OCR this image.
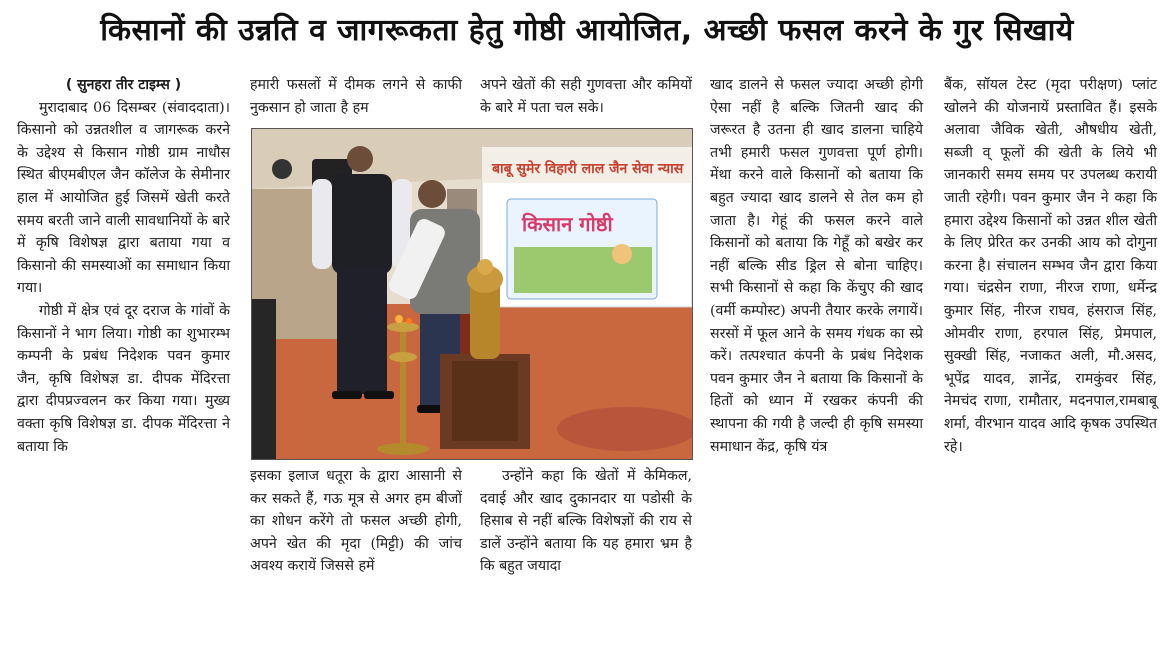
किसानों की उन्नति व जागरूकता हेतु गोष्ठी आयोजित, अच्छी फसल करने के गुर सिखाये

( सुनहरा तीर टाइम्स )

मुरादाबाद 06 दिसम्बर (संवाददाता)। किसानो को उन्नतशील व जागरूक करने के उद्देश्य से किसान गोष्ठी ग्राम नाधौस स्थित बीएमबीएल जैन कॉलेज के सेमीनार हाल में आयोजित हुई जिसमें खेती करते समय बरती जाने वाली सावधानियों के बारे में कृषि विशेषज्ञ द्वारा बताया गया व किसानो की समस्याओं का समाधान किया गया।

गोष्ठी में क्षेत्र एवं दूर दराज के गांवों के किसानों ने भाग लिया। गोष्ठी का शुभारम्भ कम्पनी के प्रबंध निदेशक पवन कुमार जैन, कृषि विशेषज्ञ डा. दीपक मेंदिरत्ता द्वारा दीपप्रज्वलन कर किया गया। मुख्य वक्ता कृषि विशेषज्ञ डा. दीपक मेंदिरत्ता ने बताया कि

हमारी फसलों में दीमक लगने से काफी नुकसान हो जाता है हम

अपने खेतों की सही गुणवत्ता और कमियों के बारे में पता चल सके।

बाबू सुमेर विहारी लाल जैन सेवा न्यास
किसान गोष्ठी

इसका इलाज धतूरा के द्वारा आसानी से कर सकते हैं, गऊ मूत्र से अगर हम बीजों का शोधन करेंगे तो फसल अच्छी होगी, अपने खेत की मृदा (मिट्टी) की जांच अवश्य करायें जिससे हमें

उन्होंने कहा कि खेतों में केमिकल, दवाई और खाद दुकानदार या पडोसी के हिसाब से नहीं बल्कि विशेषज्ञों की राय से डालें उन्होंने बताया कि यह हमारा भ्रम है कि बहुत जयादा

खाद डालने से फसल ज्यादा अच्छी होगी ऐसा नहीं है बल्कि जितनी खाद की जरूरत है उतना ही खाद डालना चाहिये तभी हमारी फसल गुणवत्ता पूर्ण होगी। मेंथा करने वाले किसानों को बताया कि बहुत ज्यादा खाद डालने से तेल कम हो जाता है। गेहूं की फसल करने वाले किसानों को बताया कि गेहूँ को बखेर कर नहीं बल्कि सीड ड्रिल से बोना चाहिए। सभी किसानों से कहा कि केंचुए की खाद (वर्मी कम्पोस्ट) अपनी तैयार करके लगायें। सरसों में फूल आने के समय गंधक का स्प्रे करें। तत्पश्चात कंपनी के प्रबंध निदेशक पवन कुमार जैन ने बताया कि किसानों के हितों को ध्यान में रखकर कंपनी की स्थापना की गयी है जल्दी ही कृषि समस्या समाधान केंद्र, कृषि यंत्र

बैंक, सॉयल टेस्ट (मृदा परीक्षण) प्लांट खोलने की योजनायें प्रस्तावित हैं। इसके अलावा जैविक खेती, औषधीय खेती, सब्जी व् फूलों की खेती के लिये भी जानकारी समय समय पर उपलब्ध करायी जाती रहेगी। पवन कुमार जैन ने कहा कि हमारा उद्देश्य किसानों को उन्नत शील खेती के लिए प्रेरित कर उनकी आय को दोगुना करना है। संचालन सम्भव जैन द्वारा किया गया। चंद्रसेन राणा, नीरज राणा, धर्मेन्द्र कुमार सिंह, नीरज राघव, हंसराज सिंह, ओमवीर राणा, हरपाल सिंह, प्रेमपाल, सुक्खी सिंह, नजाकत अली, मौ.असद, भूपेंद्र यादव, ज्ञानेंद्र, रामकुंवर सिंह, नेमचंद राणा, रामौतार, मदनपाल,रामबाबू शर्मा, वीरभान यादव आदि कृषक उपस्थित रहे।
